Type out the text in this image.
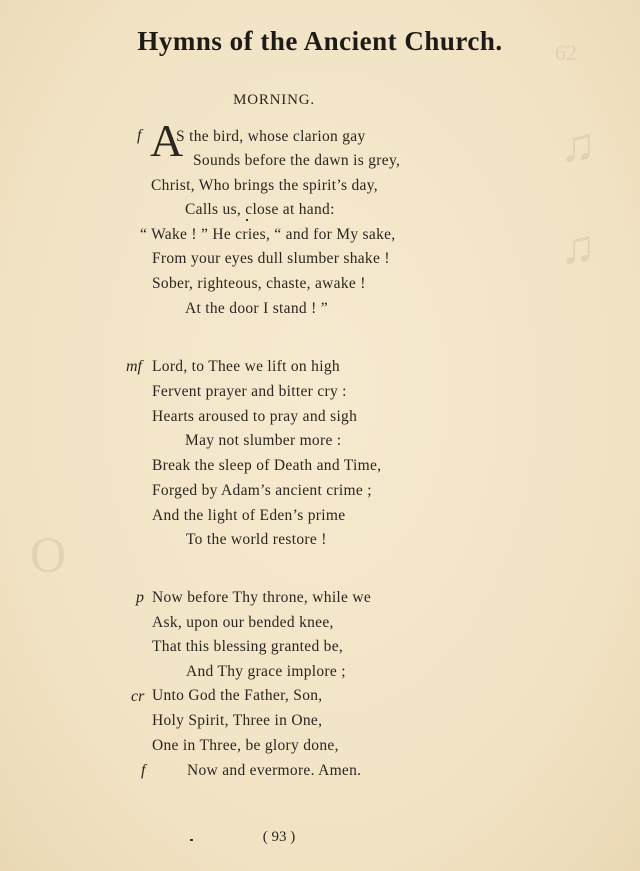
62
♫
♫
O
Hymns of the Ancient Church.
MORNING.
f A
S the bird, whose clarion gay
Sounds before the dawn is grey,
Christ, Who brings the spirit’s day,
Calls us, close at hand:
“ Wake ! ” He cries, “ and for My sake,
From your eyes dull slumber shake !
Sober, righteous, chaste, awake !
At the door I stand ! ”
mf Lord, to Thee we lift on high
Fervent prayer and bitter cry :
Hearts aroused to pray and sigh
May not slumber more :
Break the sleep of Death and Time,
Forged by Adam’s ancient crime ;
And the light of Eden’s prime
To the world restore !
p Now before Thy throne, while we
Ask, upon our bended knee,
That this blessing granted be,
And Thy grace implore ;
cr Unto God the Father, Son,
Holy Spirit, Three in One,
One in Three, be glory done,
f	Now and evermore. Amen.
( 93 )
